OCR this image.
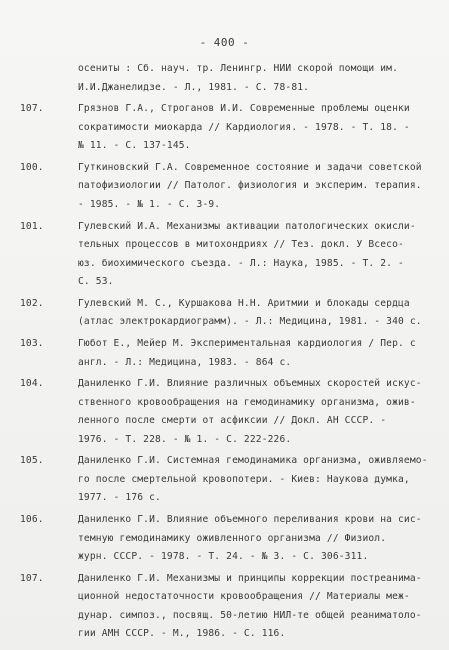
- 400 -
осениты : Сб. науч. тр. Ленингр. НИИ скорой помощи им.
И.И.Джанелидзе. - Л., 1981. - С. 78-81.
107.	Грязнов Г.А., Строганов И.И. Современные проблемы оценки
сократимости миокарда // Кардиология. - 1978. - Т. 18. -
№ 11. - С. 137-145.
100.	Гуткиновский Г.А. Современное состояние и задачи советской
патофизиологии // Патолог. физиология и эксперим. терапия.
- 1985. - № 1. - С. 3-9.
101.	Гулевский И.А. Механизмы активации патологических окисли-
тельных процессов в митохондриях // Тез. докл. У Всесо-
юз. биохимического съезда. - Л.: Наука, 1985. - Т. 2. -
С. 53.
102.	Гулевский М. С., Куршакова Н.Н. Аритмии и блокады сердца
(атлас электрокардиограмм). - Л.: Медицина, 1981. - 340 с.
103.	Гюбот Е., Мейер М. Экспериментальная кардиология / Пер. с
англ. - Л.: Медицина, 1983. - 864 с.
104.	Даниленко Г.И. Влияние различных объемных скоростей искус-
ственного кровообращения на гемодинамику организма, ожив-
ленного после смерти от асфиксии // Докл. АН СССР. -
1976. - Т. 228. - № 1. - С. 222-226.
105.	Даниленко Г.И. Системная гемодинамика организма, оживляемо-
го после смертельной кровопотери. - Киев: Наукова думка,
1977. - 176 с.
106.	Даниленко Г.И. Влияние объемного переливания крови на сис-
темную гемодинамику оживленного организма // Физиол.
журн. СССР. - 1978. - Т. 24. - № 3. - С. 306-311.
107.	Даниленко Г.И. Механизмы и принципы коррекции постреанима-
ционной недостаточности кровообращения // Материалы меж-
дунар. симпоз., посвящ. 50-летию НИЛ-те общей реаниматоло-
гии АМН СССР. - М., 1986. - С. 116.
